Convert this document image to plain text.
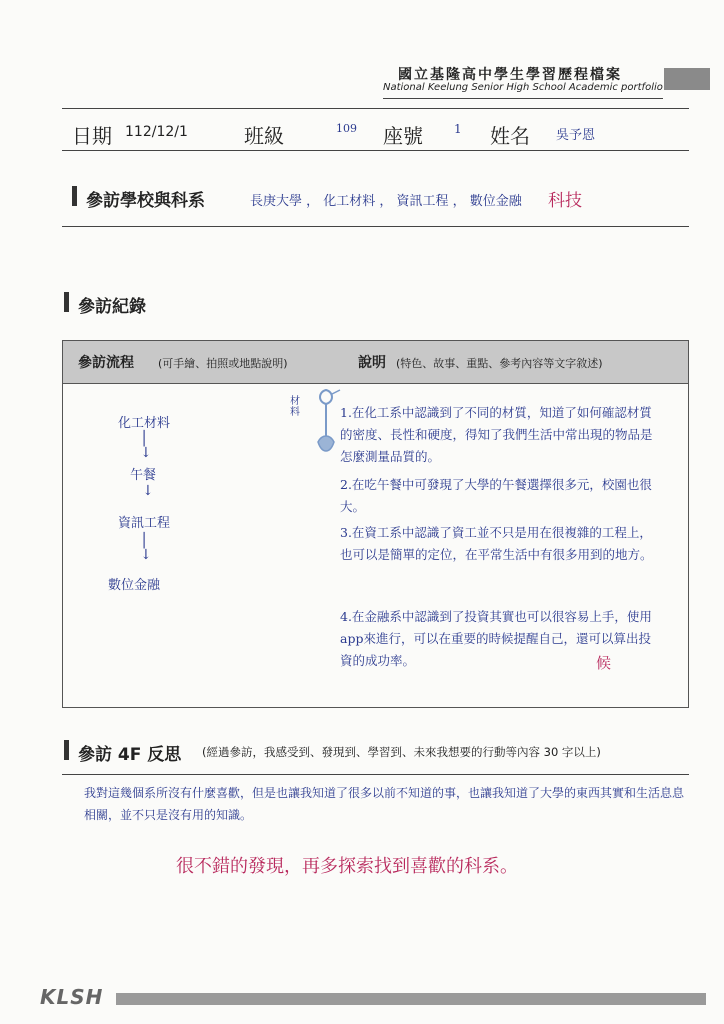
國立基隆高中學生學習歷程檔案
National Keelung Senior High School Academic portfolio
日期 112/12/1	班級	109 座號	1 姓名 吳予恩
參訪學校與科系	長庚大學 ， 化工材料 ， 資訊工程 ， 數位金融 科技
參訪紀錄
參訪流程 (可手繪、拍照或地點說明)	說明 (特色、故事、重點、參考內容等文字敘述)
化工材料
│
↓
午餐
↓
資訊工程
│
↓
數位金融
材料	1.在化工系中認識到了不同的材質，知道了如何確認材質的密度、長性和硬度，得知了我們生活中常出現的物品是怎麼測量品質的。
2.在吃午餐中可發現了大學的午餐選擇很多元，校園也很大。
3.在資工系中認識了資工並不只是用在很複雜的工程上，也可以是簡單的定位，在平常生活中有很多用到的地方。
4.在金融系中認識到了投資其實也可以很容易上手，使用app來進行，可以在重要的時候提醒自己，還可以算出投資的成功率。	候
參訪 4F 反思 (經過參訪，我感受到、發現到、學習到、未來我想要的行動等內容 30 字以上)
我對這幾個系所沒有什麼喜歡，但是也讓我知道了很多以前不知道的事，也讓我知道了大學的東西其實和生活息息相關，並不只是沒有用的知識。
很不錯的發現，再多探索找到喜歡的科系。
KLSH
